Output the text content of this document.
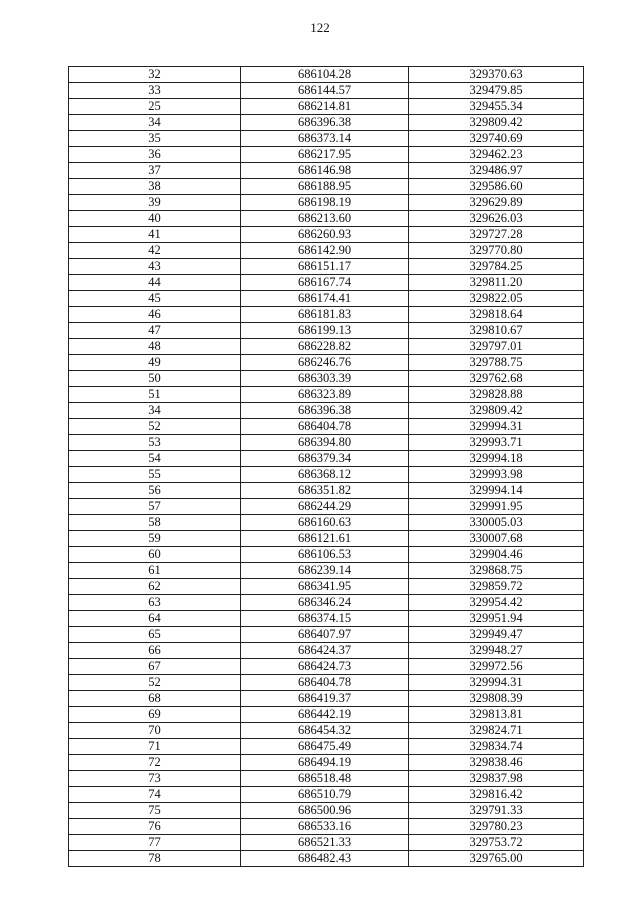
122
32	686104.28	329370.63
33	686144.57	329479.85
25	686214.81	329455.34
34	686396.38	329809.42
35	686373.14	329740.69
36	686217.95	329462.23
37	686146.98	329486.97
38	686188.95	329586.60
39	686198.19	329629.89
40	686213.60	329626.03
41	686260.93	329727.28
42	686142.90	329770.80
43	686151.17	329784.25
44	686167.74	329811.20
45	686174.41	329822.05
46	686181.83	329818.64
47	686199.13	329810.67
48	686228.82	329797.01
49	686246.76	329788.75
50	686303.39	329762.68
51	686323.89	329828.88
34	686396.38	329809.42
52	686404.78	329994.31
53	686394.80	329993.71
54	686379.34	329994.18
55	686368.12	329993.98
56	686351.82	329994.14
57	686244.29	329991.95
58	686160.63	330005.03
59	686121.61	330007.68
60	686106.53	329904.46
61	686239.14	329868.75
62	686341.95	329859.72
63	686346.24	329954.42
64	686374.15	329951.94
65	686407.97	329949.47
66	686424.37	329948.27
67	686424.73	329972.56
52	686404.78	329994.31
68	686419.37	329808.39
69	686442.19	329813.81
70	686454.32	329824.71
71	686475.49	329834.74
72	686494.19	329838.46
73	686518.48	329837.98
74	686510.79	329816.42
75	686500.96	329791.33
76	686533.16	329780.23
77	686521.33	329753.72
78	686482.43	329765.00
